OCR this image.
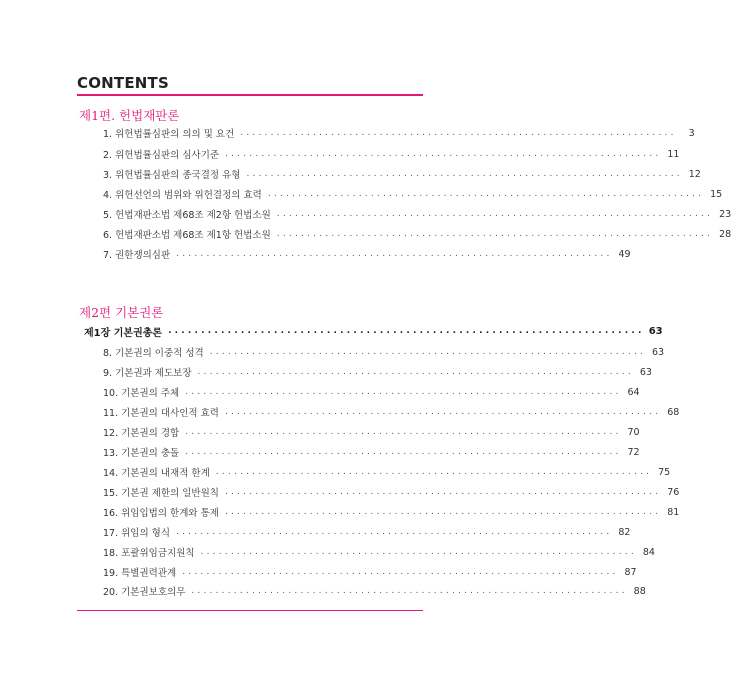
CONTENTS
제1편. 헌법재판론
1. 위헌법률심판의 의의 및 요건 ........................................................................	3
2. 위헌법률심판의 심사기준 ........................................................................ 11
3. 위헌법률심판의 종국결정 유형 ........................................................................ 12
4. 위헌선언의 범위와 위헌결정의 효력 ........................................................................ 15
5. 헌법재판소법 제68조 제2항 헌법소원 ........................................................................ 23
6. 헌법재판소법 제68조 제1항 헌법소원 ........................................................................ 28
7. 권한쟁의심판 ........................................................................ 49
제2편 기본권론
제1장 기본권총론 ........................................................................ 63
8. 기본권의 이중적 성격 ........................................................................ 63
9. 기본권과 제도보장 ........................................................................ 63
10. 기본권의 주체 ........................................................................ 64
11. 기본권의 대사인적 효력 ........................................................................ 68
12. 기본권의 경합 ........................................................................ 70
13. 기본권의 충돌 ........................................................................ 72
14. 기본권의 내재적 한계 ........................................................................ 75
15. 기본권 제한의 일반원칙 ........................................................................ 76
16. 위임입법의 한계와 통제 ........................................................................ 81
17. 위임의 형식 ........................................................................ 82
18. 포괄위임금지원칙 ........................................................................ 84
19. 특별권력관계 ........................................................................ 87
20. 기본권보호의무 ........................................................................ 88
